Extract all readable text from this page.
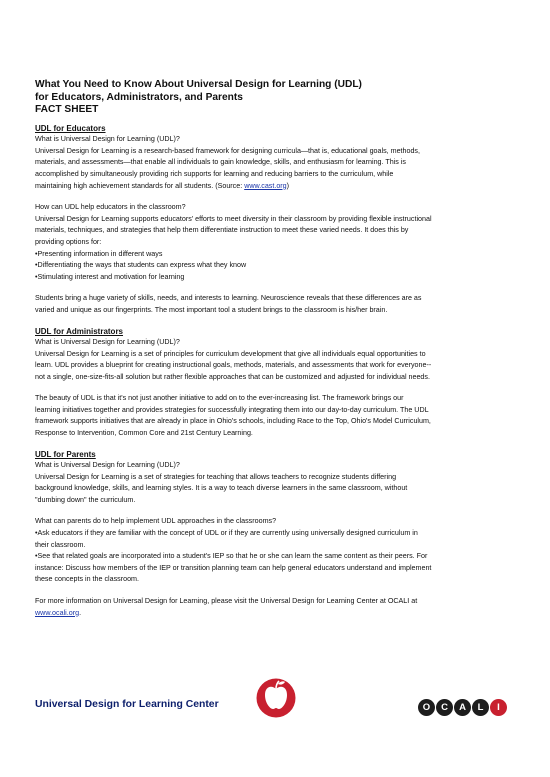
What You Need to Know About Universal Design for Learning (UDL)

for Educators, Administrators, and Parents

FACT SHEET

UDL for Educators

What is Universal Design for Learning (UDL)?

Universal Design for Learning is a research-based framework for designing curricula—that is, educational goals, methods,

materials, and assessments—that enable all individuals to gain knowledge, skills, and enthusiasm for learning. This is

accomplished by simultaneously providing rich supports for learning and reducing barriers to the curriculum, while

maintaining high achievement standards for all students. (Source: www.cast.org)

How can UDL help educators in the classroom?

Universal Design for Learning supports educators' efforts to meet diversity in their classroom by providing flexible instructional

materials, techniques, and strategies that help them differentiate instruction to meet these varied needs. It does this by

providing options for:

•Presenting information in different ways

•Differentiating the ways that students can express what they know

•Stimulating interest and motivation for learning

Students bring a huge variety of skills, needs, and interests to learning. Neuroscience reveals that these differences are as

varied and unique as our fingerprints. The most important tool a student brings to the classroom is his/her brain.

UDL for Administrators

What is Universal Design for Learning (UDL)?

Universal Design for Learning is a set of principles for curriculum development that give all individuals equal opportunities to

learn. UDL provides a blueprint for creating instructional goals, methods, materials, and assessments that work for everyone--

not a single, one-size-fits-all solution but rather flexible approaches that can be customized and adjusted for individual needs.

The beauty of UDL is that it's not just another initiative to add on to the ever-increasing list. The framework brings our

learning initiatives together and provides strategies for successfully integrating them into our day-to-day curriculum. The UDL

framework supports initiatives that are already in place in Ohio's schools, including Race to the Top, Ohio's Model Curriculum,

Response to Intervention, Common Core and 21st Century Learning.

UDL for Parents

What is Universal Design for Learning (UDL)?

Universal Design for Learning is a set of strategies for teaching that allows teachers to recognize students differing

background knowledge, skills, and learning styles. It is a way to teach diverse learners in the same classroom, without

"dumbing down" the curriculum.

What can parents do to help implement UDL approaches in the classrooms?

•Ask educators if they are familiar with the concept of UDL or if they are currently using universally designed curriculum in

their classroom.

•See that related goals are incorporated into a student's IEP so that he or she can learn the same content as their peers. For

instance: Discuss how members of the IEP or transition planning team can help general educators understand and implement

these concepts in the classroom.

For more information on Universal Design for Learning, please visit the Universal Design for Learning Center at OCALI at

www.ocali.org.

Universal Design for Learning Center	O	C	A	L	I
